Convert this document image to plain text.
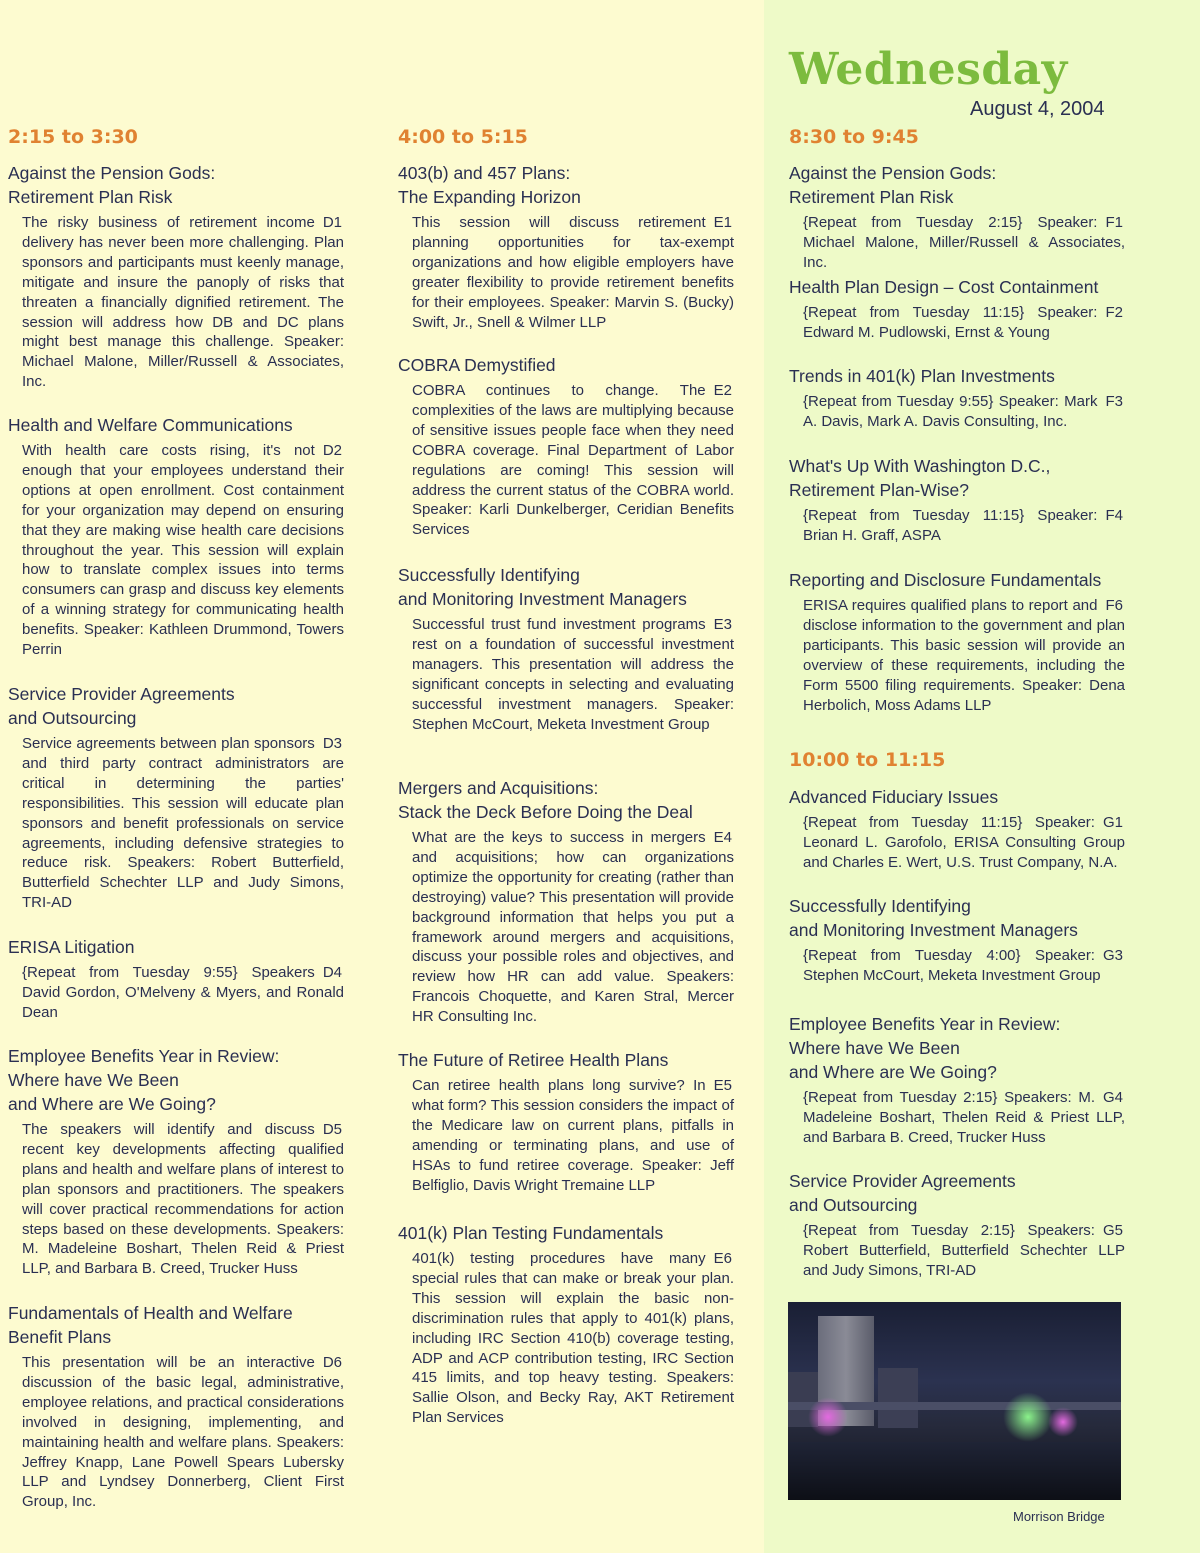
Wednesday
August 4, 2004
2:15 to 3:30

Against the Pension Gods:
Retirement Plan Risk

D1
The risky business of retirement income delivery has never been more challenging. Plan sponsors and participants must keenly manage, mitigate and insure the panoply of risks that threaten a financially dignified retirement. The session will address how DB and DC plans might best manage this challenge. Speaker: Michael Malone, Miller/Russell & Associates, Inc.

Health and Welfare Communications

D2
With health care costs rising, it's not enough that your employees understand their options at open enrollment. Cost containment for your organization may depend on ensuring that they are making wise health care decisions throughout the year. This session will explain how to translate complex issues into terms consumers can grasp and discuss key elements of a winning strategy for communicating health benefits. Speaker: Kathleen Drummond, Towers Perrin

Service Provider Agreements
and Outsourcing

D3
Service agreements between plan sponsors and third party contract administrators are critical in determining the parties' responsibilities. This session will educate plan sponsors and benefit professionals on service agreements, including defensive strategies to reduce risk. Speakers: Robert Butterfield, Butterfield Schechter LLP and Judy Simons, TRI-AD

ERISA Litigation

D4
{Repeat from Tuesday 9:55} Speakers David Gordon, O'Melveny & Myers, and Ronald Dean

Employee Benefits Year in Review:
Where have We Been
and Where are We Going?

D5
The speakers will identify and discuss recent key developments affecting qualified plans and health and welfare plans of interest to plan sponsors and practitioners. The speakers will cover practical recommendations for action steps based on these developments. Speakers: M. Madeleine Boshart, Thelen Reid & Priest LLP, and Barbara B. Creed, Trucker Huss

Fundamentals of Health and Welfare
Benefit Plans

D6
This presentation will be an interactive discussion of the basic legal, administrative, employee relations, and practical considerations involved in designing, implementing, and maintaining health and welfare plans. Speakers: Jeffrey Knapp, Lane Powell Spears Lubersky LLP and Lyndsey Donnerberg, Client First Group, Inc.
4:00 to 5:15

403(b) and 457 Plans:
The Expanding Horizon

E1
This session will discuss retirement planning opportunities for tax-exempt organizations and how eligible employers have greater flexibility to provide retirement benefits for their employees. Speaker: Marvin S. (Bucky) Swift, Jr., Snell & Wilmer LLP

COBRA Demystified

E2
COBRA continues to change. The complexities of the laws are multiplying because of sensitive issues people face when they need COBRA coverage. Final Department of Labor regulations are coming! This session will address the current status of the COBRA world. Speaker: Karli Dunkelberger, Ceridian Benefits Services

Successfully Identifying
and Monitoring Investment Managers

E3
Successful trust fund investment programs rest on a foundation of successful investment managers. This presentation will address the significant concepts in selecting and evaluating successful investment managers. Speaker: Stephen McCourt, Meketa Investment Group

Mergers and Acquisitions:
Stack the Deck Before Doing the Deal

E4
What are the keys to success in mergers and acquisitions; how can organizations optimize the opportunity for creating (rather than destroying) value? This presentation will provide background information that helps you put a framework around mergers and acquisitions, discuss your possible roles and objectives, and review how HR can add value. Speakers: Francois Choquette, and Karen Stral, Mercer HR Consulting Inc.

The Future of Retiree Health Plans

E5
Can retiree health plans long survive? In what form? This session considers the impact of the Medicare law on current plans, pitfalls in amending or terminating plans, and use of HSAs to fund retiree coverage. Speaker: Jeff Belfiglio, Davis Wright Tremaine LLP

401(k) Plan Testing Fundamentals

E6
401(k) testing procedures have many special rules that can make or break your plan. This session will explain the basic non-discrimination rules that apply to 401(k) plans, including IRC Section 410(b) coverage testing, ADP and ACP contribution testing, IRC Section 415 limits, and top heavy testing. Speakers: Sallie Olson, and Becky Ray, AKT Retirement Plan Services
8:30 to 9:45

Against the Pension Gods:
Retirement Plan Risk

F1
{Repeat from Tuesday 2:15} Speaker: Michael Malone, Miller/Russell & Associates, Inc.

Health Plan Design – Cost Containment

F2
{Repeat from Tuesday 11:15} Speaker: Edward M. Pudlowski, Ernst & Young

Trends in 401(k) Plan Investments

F3
{Repeat from Tuesday 9:55} Speaker: Mark A. Davis, Mark A. Davis Consulting, Inc.

What's Up With Washington D.C.,
Retirement Plan-Wise?

F4
{Repeat from Tuesday 11:15} Speaker: Brian H. Graff, ASPA

Reporting and Disclosure Fundamentals

F6
ERISA requires qualified plans to report and disclose information to the government and plan participants. This basic session will provide an overview of these requirements, including the Form 5500 filing requirements. Speaker: Dena Herbolich, Moss Adams LLP
10:00 to 11:15

Advanced Fiduciary Issues

G1
{Repeat from Tuesday 11:15} Speaker: Leonard L. Garofolo, ERISA Consulting Group and Charles E. Wert, U.S. Trust Company, N.A.

Successfully Identifying
and Monitoring Investment Managers

G3
{Repeat from Tuesday 4:00} Speaker: Stephen McCourt, Meketa Investment Group

Employee Benefits Year in Review:
Where have We Been
and Where are We Going?

G4
{Repeat from Tuesday 2:15} Speakers: M. Madeleine Boshart, Thelen Reid & Priest LLP, and Barbara B. Creed, Trucker Huss

Service Provider Agreements
and Outsourcing

G5
{Repeat from Tuesday 2:15} Speakers: Robert Butterfield, Butterfield Schechter LLP and Judy Simons, TRI-AD
Morrison Bridge
